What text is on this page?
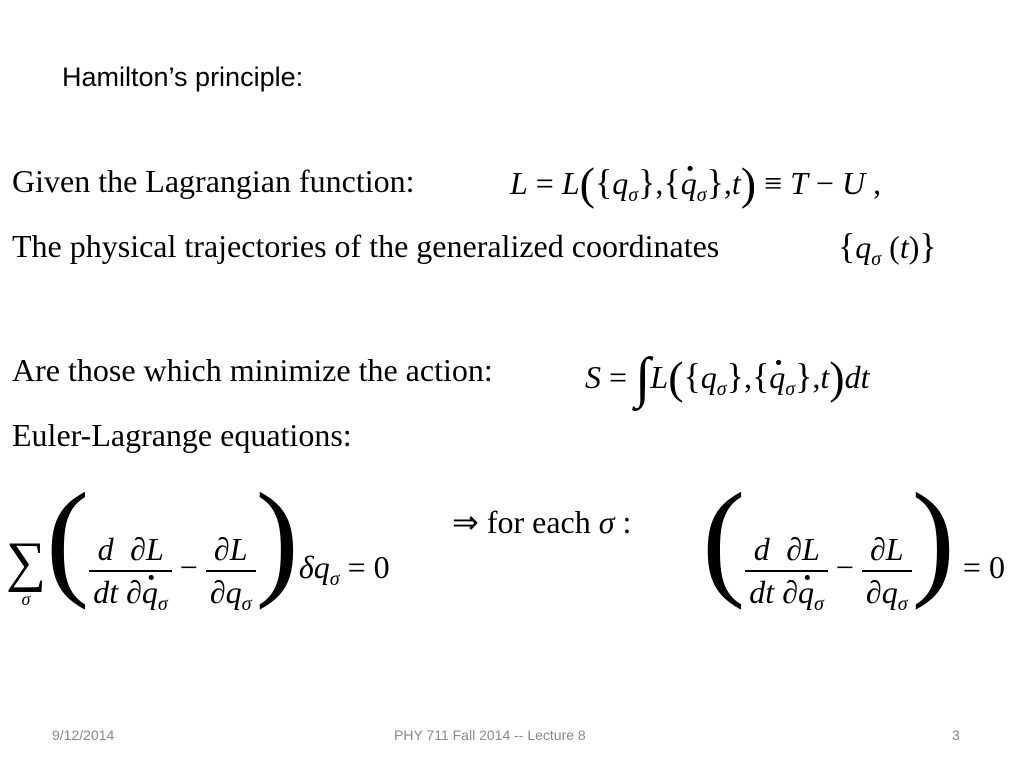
Hamilton’s principle:
Given the Lagrangian function:	$L = L(\{q_\sigma\},\{\cdot q_\sigma\},t) \equiv T - U$ ,
The physical trajectories of the generalized coordinates	{$q_\sigma$ (t)}
Are those which minimize the action:	$S = \int L(\{q_\sigma\},\{\cdot q_\sigma\},t)dt$
Euler-Lagrange equations:
∑
σ ( $\frac{d}{dt} \frac{\partial L}{\partial\cdot q_\sigma} - \frac{\partial L}{\partial q_\sigma} )\delta q_\sigma = 0$
⇒ for each σ : ( $\frac{d}{dt} \frac{\partial L}{\partial\cdot q_\sigma} - \frac{\partial L}{\partial q_\sigma}$ ) = 0
9/12/2014	PHY 711 Fall 2014 -- Lecture 8	3
